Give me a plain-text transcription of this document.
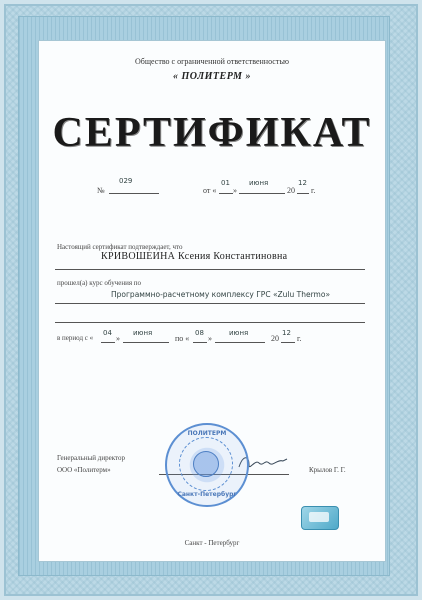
Общество с ограниченной ответственностью
« ПОЛИТЕРМ »
СЕРТИФИКАТ
№
029
от «
01
»
июня
20
12
г.
Настоящий сертификат подтверждает, что
КРИВОШЕИНА Ксения Константиновна
прошел(а) курс обучения по
Программно-расчетному комплексу ГРС «Zulu Thermo»
в период с «
04
»
июня
по «
08
»
июня
20
12
г.
Генеральный директор
ООО «Политерм»	Крылов Г. Г.
ПОЛИТЕРМ
Санкт-Петербург
Санкт - Петербург
